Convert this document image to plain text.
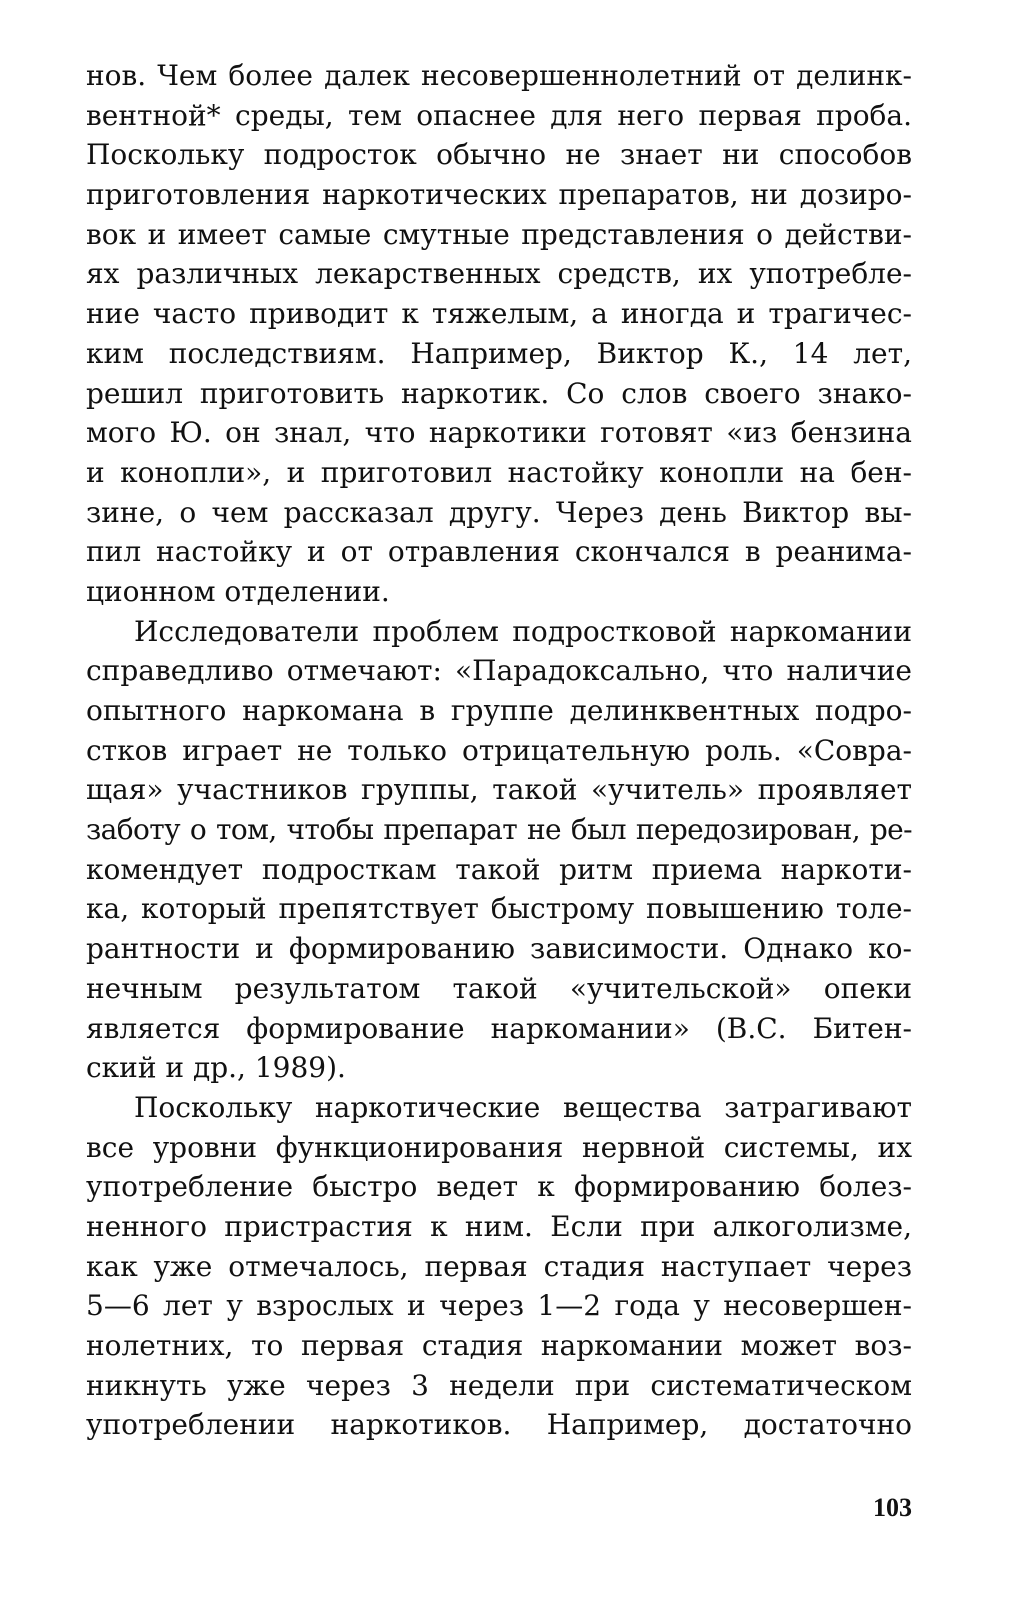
нов. Чем более далек несовершеннолетний от делинк-
вентной* среды, тем опаснее для него первая проба.
Поскольку подросток обычно не знает ни способов
приготовления наркотических препаратов, ни дозиро-
вок и имеет самые смутные представления о действи-
ях различных лекарственных средств, их употребле-
ние часто приводит к тяжелым, а иногда и трагичес-
ким последствиям. Например, Виктор К., 14 лет,
решил приготовить наркотик. Со слов своего знако-
мого Ю. он знал, что наркотики готовят «из бензина
и конопли», и приготовил настойку конопли на бен-
зине, о чем рассказал другу. Через день Виктор вы-
пил настойку и от отравления скончался в реанима-
ционном отделении.
Исследователи проблем подростковой наркомании
справедливо отмечают: «Парадоксально, что наличие
опытного наркомана в группе делинквентных подро-
стков играет не только отрицательную роль. «Совра-
щая» участников группы, такой «учитель» проявляет
заботу о том, чтобы препарат не был передозирован, ре-
комендует подросткам такой ритм приема наркоти-
ка, который препятствует быстрому повышению толе-
рантности и формированию зависимости. Однако ко-
нечным результатом такой «учительской» опеки
является формирование наркомании» (В.С. Битен-
ский и др., 1989).
Поскольку наркотические вещества затрагивают
все уровни функционирования нервной системы, их
употребление быстро ведет к формированию болез-
ненного пристрастия к ним. Если при алкоголизме,
как уже отмечалось, первая стадия наступает через
5—6 лет у взрослых и через 1—2 года у несовершен-
нолетних, то первая стадия наркомании может воз-
никнуть уже через 3 недели при систематическом
употреблении наркотиков. Например, достаточно
103
